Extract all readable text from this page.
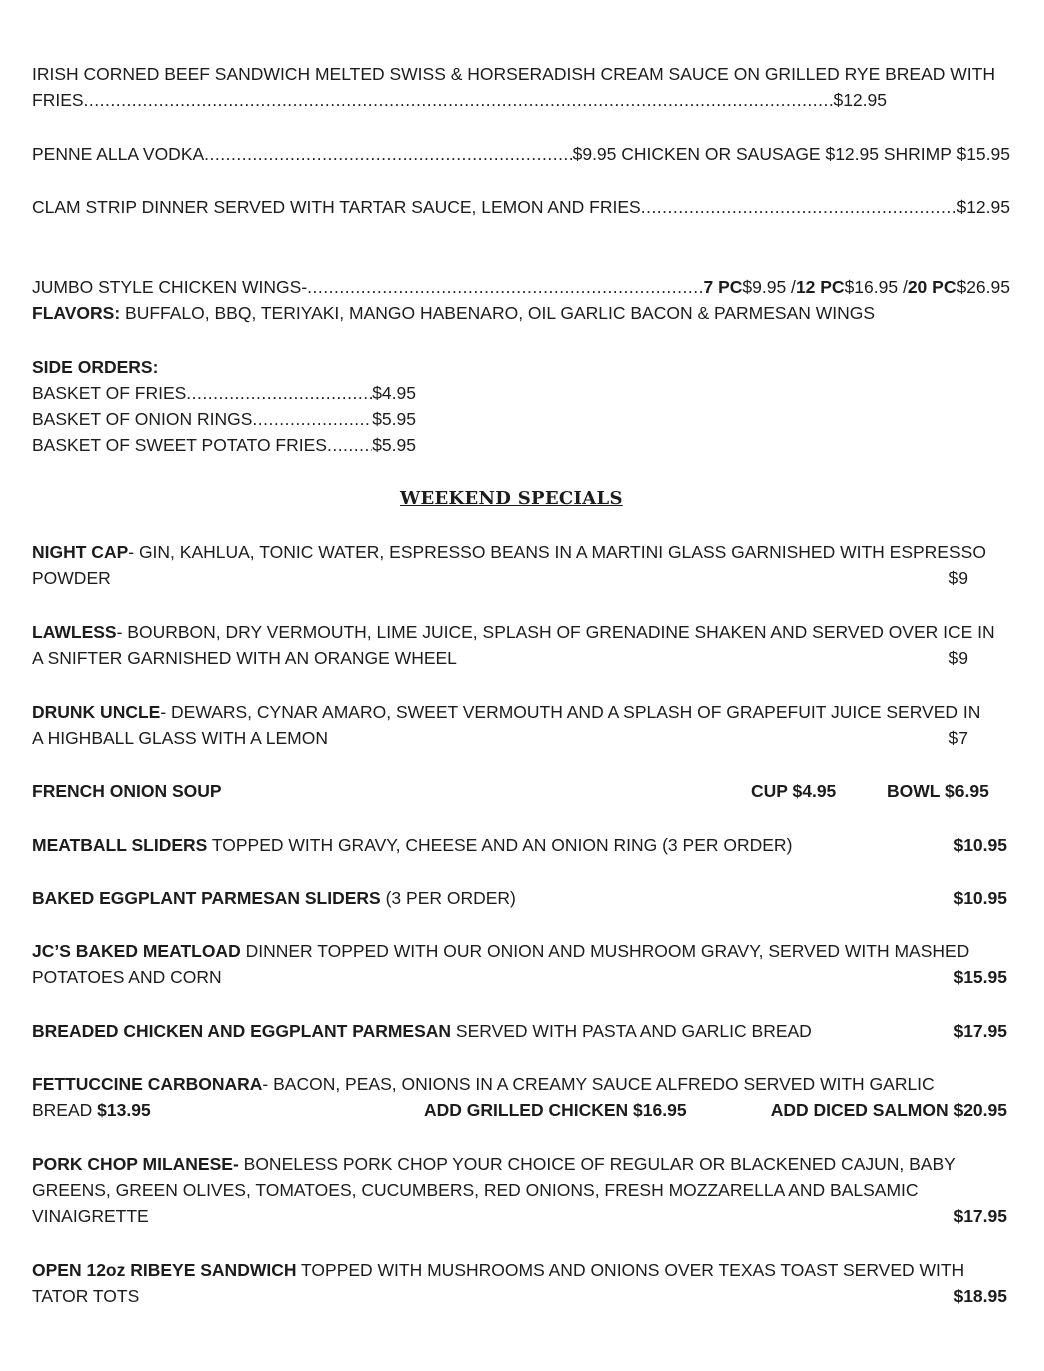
IRISH CORNED BEEF SANDWICH MELTED SWISS & HORSERADISH CREAM SAUCE ON GRILLED RYE BREAD WITH
FRIES .....	$12.95
PENNE ALLA VODKA .....	$9.95 CHICKEN OR SAUSAGE $12.95 SHRIMP $15.95
CLAM STRIP DINNER SERVED WITH TARTAR SAUCE, LEMON AND FRIES .....	$12.95
JUMBO STYLE CHICKEN WINGS- .....	7 PC $9.95 / 12 PC $16.95 / 20 PC $26.95
FLAVORS: BUFFALO, BBQ, TERIYAKI, MANGO HABENARO, OIL GARLIC BACON & PARMESAN WINGS
SIDE ORDERS:
BASKET OF FRIES .....	$4.95
BASKET OF ONION RINGS .....	$5.95
BASKET OF SWEET POTATO FRIES .....	$5.95
WEEKEND SPECIALS
NIGHT CAP- GIN, KAHLUA, TONIC WATER, ESPRESSO BEANS IN A MARTINI GLASS GARNISHED WITH ESPRESSO
POWDER	$9
LAWLESS- BOURBON, DRY VERMOUTH, LIME JUICE, SPLASH OF GRENADINE SHAKEN AND SERVED OVER ICE IN
A SNIFTER GARNISHED WITH AN ORANGE WHEEL	$9
DRUNK UNCLE- DEWARS, CYNAR AMARO, SWEET VERMOUTH AND A SPLASH OF GRAPEFUIT JUICE SERVED IN
A HIGHBALL GLASS WITH A LEMON	$7
FRENCH ONION SOUP	CUP $4.95	BOWL $6.95
MEATBALL SLIDERS TOPPED WITH GRAVY, CHEESE AND AN ONION RING (3 PER ORDER)	$10.95
BAKED EGGPLANT PARMESAN SLIDERS (3 PER ORDER)	$10.95
JC’S BAKED MEATLOAD DINNER TOPPED WITH OUR ONION AND MUSHROOM GRAVY, SERVED WITH MASHED
POTATOES AND CORN	$15.95
BREADED CHICKEN AND EGGPLANT PARMESAN SERVED WITH PASTA AND GARLIC BREAD	$17.95
FETTUCCINE CARBONARA- BACON, PEAS, ONIONS IN A CREAMY SAUCE ALFREDO SERVED WITH GARLIC
BREAD $13.95	ADD GRILLED CHICKEN $16.95	ADD DICED SALMON $20.95
PORK CHOP MILANESE- BONELESS PORK CHOP YOUR CHOICE OF REGULAR OR BLACKENED CAJUN, BABY
GREENS, GREEN OLIVES, TOMATOES, CUCUMBERS, RED ONIONS, FRESH MOZZARELLA AND BALSAMIC
VINAIGRETTE	$17.95
OPEN 12oz RIBEYE SANDWICH TOPPED WITH MUSHROOMS AND ONIONS OVER TEXAS TOAST SERVED WITH
TATOR TOTS	$18.95
